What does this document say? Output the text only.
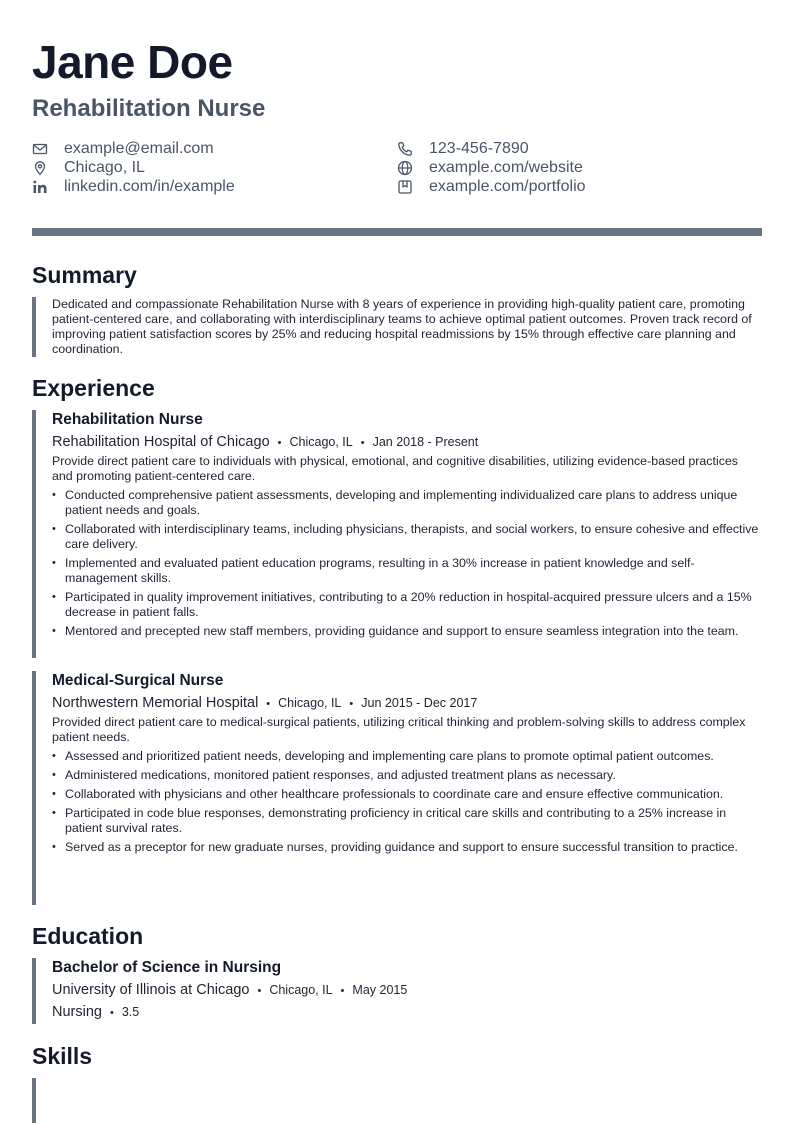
Jane Doe
Rehabilitation Nurse
example@email.com
Chicago, IL
linkedin.com/in/example
123-456-7890
example.com/website
example.com/portfolio
Summary

Dedicated and compassionate Rehabilitation Nurse with 8 years of experience in providing high-quality patient care, promoting patient-centered care, and collaborating with interdisciplinary teams to achieve optimal patient outcomes. Proven track record of improving patient satisfaction scores by 25% and reducing hospital readmissions by 15% through effective care planning and coordination.

Experience
Rehabilitation Nurse
Rehabilitation Hospital of Chicago • Chicago, IL • Jan 2018 - Present

Provide direct patient care to individuals with physical, emotional, and cognitive disabilities, utilizing evidence-based practices and promoting patient-centered care.

• Conducted comprehensive patient assessments, developing and implementing individualized care plans to address unique patient needs and goals.
• Collaborated with interdisciplinary teams, including physicians, therapists, and social workers, to ensure cohesive and effective care delivery.
• Implemented and evaluated patient education programs, resulting in a 30% increase in patient knowledge and self-management skills.
• Participated in quality improvement initiatives, contributing to a 20% reduction in hospital-acquired pressure ulcers and a 15% decrease in patient falls.
• Mentored and precepted new staff members, providing guidance and support to ensure seamless integration into the team.
Medical-Surgical Nurse
Northwestern Memorial Hospital • Chicago, IL • Jun 2015 - Dec 2017

Provided direct patient care to medical-surgical patients, utilizing critical thinking and problem-solving skills to address complex patient needs.

• Assessed and prioritized patient needs, developing and implementing care plans to promote optimal patient outcomes.
• Administered medications, monitored patient responses, and adjusted treatment plans as necessary.
• Collaborated with physicians and other healthcare professionals to coordinate care and ensure effective communication.
• Participated in code blue responses, demonstrating proficiency in critical care skills and contributing to a 25% increase in patient survival rates.
• Served as a preceptor for new graduate nurses, providing guidance and support to ensure successful transition to practice.
Education
Bachelor of Science in Nursing
University of Illinois at Chicago • Chicago, IL • May 2015
Nursing • 3.5
Skills
